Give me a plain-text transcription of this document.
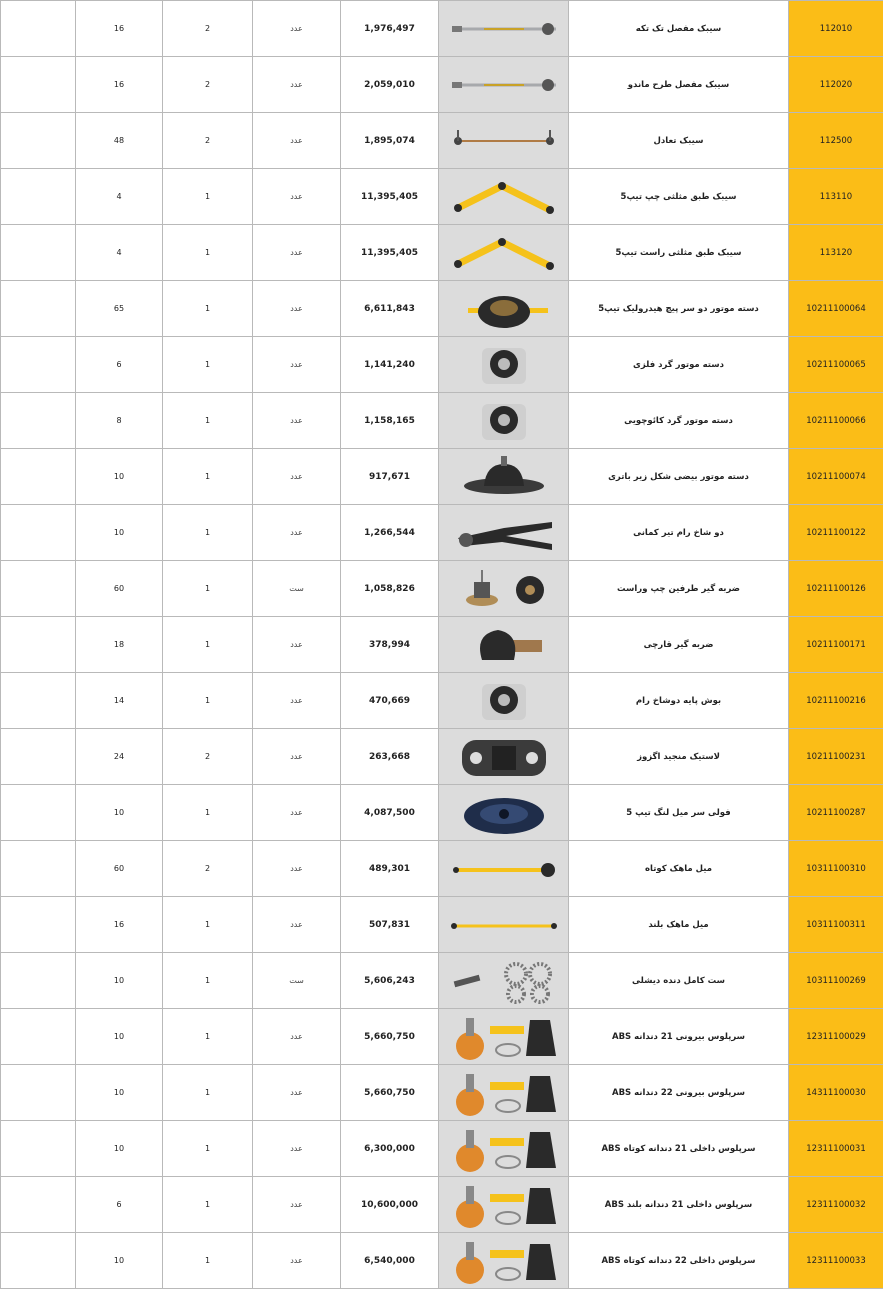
	16	2	عدد	1,976,497		سیبک مفصل تک تکه	112010
	16	2	عدد	2,059,010		سیبک مفصل طرح ماندو	112020
	48	2	عدد	1,895,074		سیبک تعادل	112500
	4	1	عدد	11,395,405		سیبک طبق مثلثی چپ تیپ5	113110
	4	1	عدد	11,395,405		سیبک طبق مثلثی راست تیپ5	113120
	65	1	عدد	6,611,843		دسته موتور دو سر پیچ هیدرولیک تیپ5	10211100064
	6	1	عدد	1,141,240		دسته موتور گرد فلزی	10211100065
	8	1	عدد	1,158,165		دسته موتور گرد کائوچویی	10211100066
	10	1	عدد	917,671		دسته موتور بیضی شکل زیر باتری	10211100074
	10	1	عدد	1,266,544		دو شاخ رام تیر کمانی	10211100122
	60	1	ست	1,058,826		ضربه گیر طرفین چپ وراست	10211100126
	18	1	عدد	378,994		ضربه گیر قارچی	10211100171
	14	1	عدد	470,669		بوش پایه دوشاخ رام	10211100216
	24	2	عدد	263,668		لاستیک منجید اگزوز	10211100231
	10	1	عدد	4,087,500		فولی سر میل لنگ تیپ 5	10211100287
	60	2	عدد	489,301		میل ماهک کوتاه	10311100310
	16	1	عدد	507,831		میل ماهک بلند	10311100311
	10	1	ست	5,606,243		ست کامل دنده دیشلی	10311100269
	10	1	عدد	5,660,750		سرپلوس بیرونی 21 دندانه ABS	12311100029
	10	1	عدد	5,660,750		سرپلوس بیرونی 22 دندانه ABS	14311100030
	10	1	عدد	6,300,000		سرپلوس داخلی 21 دندانه کوتاه ABS	12311100031
	6	1	عدد	10,600,000		سرپلوس داخلی 21 دندانه بلند ABS	12311100032
	10	1	عدد	6,540,000		سرپلوس داخلی 22 دندانه کوتاه ABS	12311100033
